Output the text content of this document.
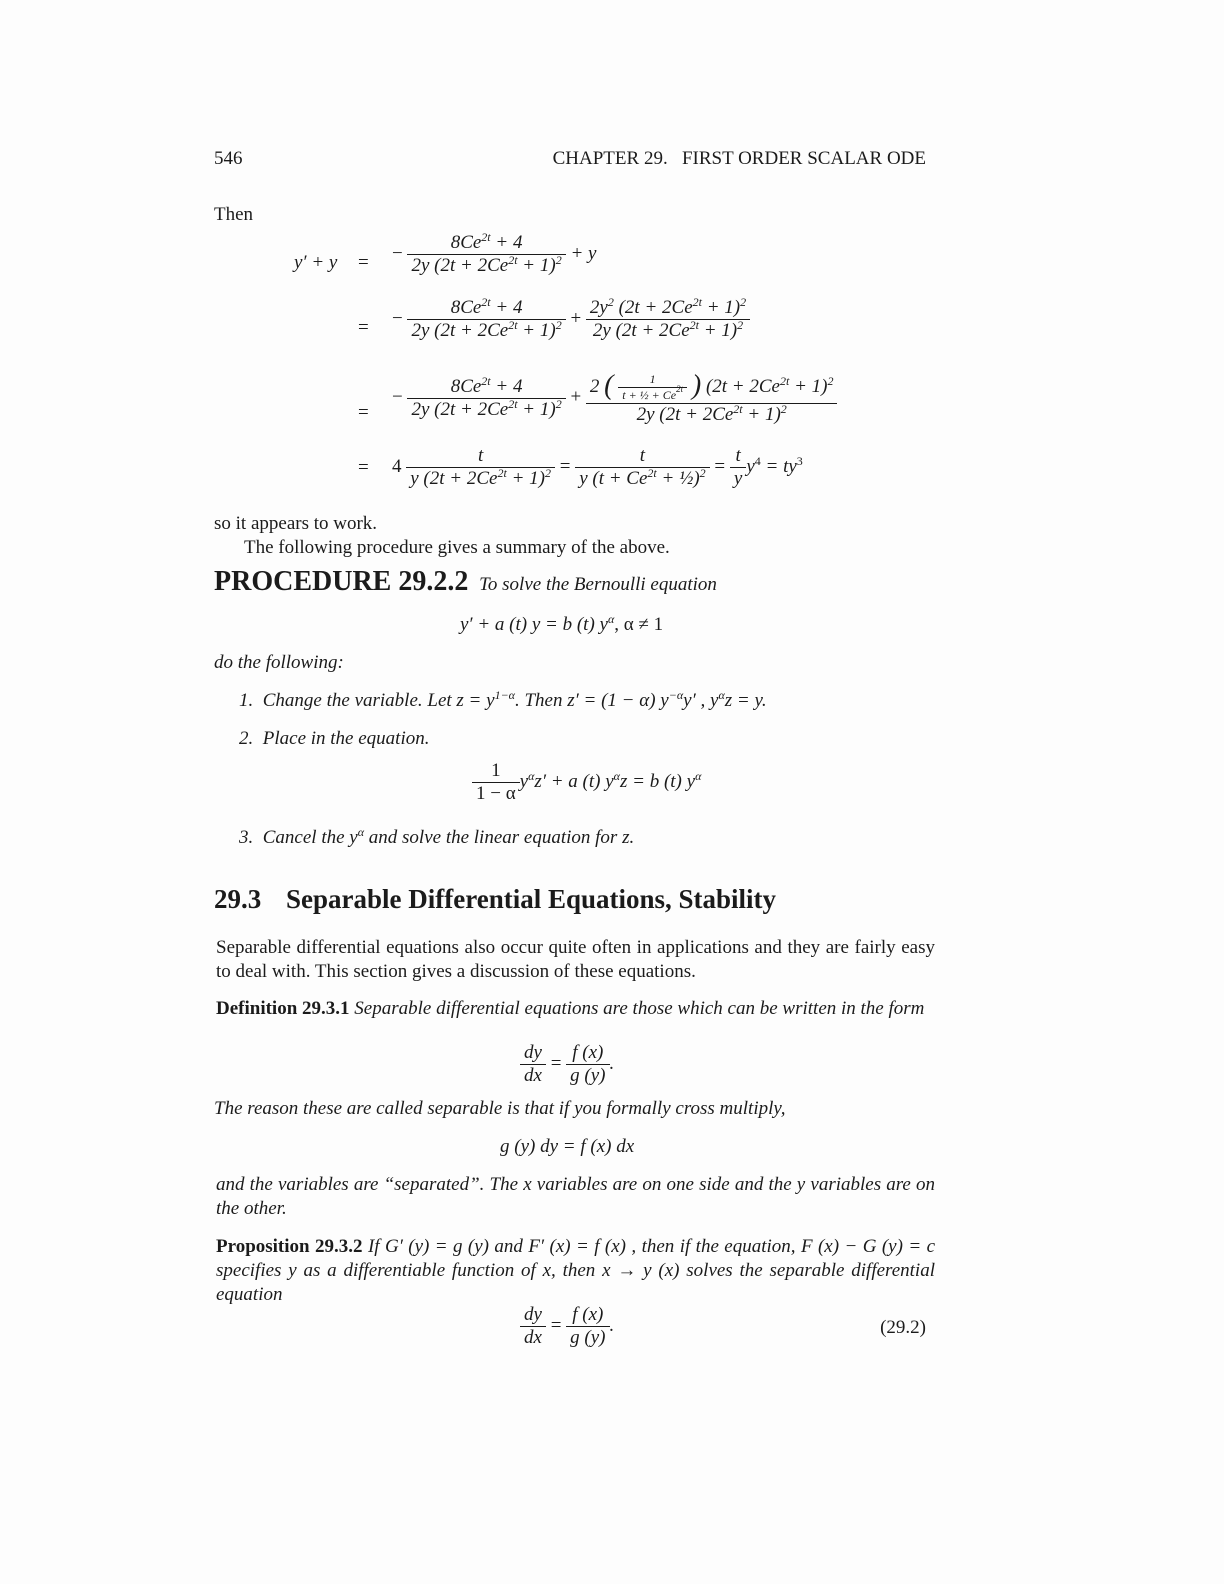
546	CHAPTER 29.   FIRST ORDER SCALAR ODE
Then
y′ + y = − $\frac{8Ce^{2t} + 4}{2y (2t + 2Ce^{2t} + 1)^2} + y$
= − $\frac{8Ce^{2t} + 4}{2y (2t + 2Ce^{2t} + 1)^2} + \frac{2y^2 (2t + 2Ce^{2t} + 1)^2}{2y (2t + 2Ce^{2t} + 1)^2}$
=
− $\frac{8Ce^{2t} + 4}{2y (2t + 2Ce^{2t} + 1)^2} + 2$ ( $\frac{1}{t + \frac{1}{2} + Ce^{2t}}$ ) $(2t + 2Ce^{2t} + 1)^2$
2y $(2t + 2Ce^{2t} + 1)^2$
= $4 \frac{t}{y (2t + 2Ce^{2t} + 1)^2} = \frac{t}{y (t + Ce^{2t} + \frac{1}{2})^2} = \frac{t}{y} y^4 = ty^3$
so it appears to work.
The following procedure gives a summary of the above.
PROCEDURE 29.2.2 To solve the Bernoulli equation
y′ + a (t) y = b (t) $y^\alpha$, α ≠ 1
do the following:
1. Change the variable. Let $z = y^{1-\alpha}$. Then z′ = (1 − α) $y^{-\alpha}y'$ , $y^\alpha z = y$.
2. Place in the equation.
$\frac{1}{1 - \alpha} y^\alpha z' + a$ (t) $y^\alpha z = b$ (t) $y^\alpha$
3. Cancel the $y^\alpha$ and solve the linear equation for z.
29.3 Separable Differential Equations, Stability
Separable differential equations also occur quite often in applications and they are fairly easy to deal with. This section gives a discussion of these equations.
Definition 29.3.1 Separable differential equations are those which can be written in the form
$\frac{dy}{dx} = \frac{f (x)}{g (y)}$ .
The reason these are called separable is that if you formally cross multiply,
g (y) dy = f (x) dx
and the variables are “separated”. The x variables are on one side and the y variables are on the other.
Proposition 29.3.2 If G′ (y) = g (y) and F′ (x) = f (x) , then if the equation, F (x) − G (y) = c specifies y as a differentiable function of x, then x → y (x) solves the separable differential equation
$\frac{dy}{dx} = \frac{f (x)}{g (y)}$ .	(29.2)
